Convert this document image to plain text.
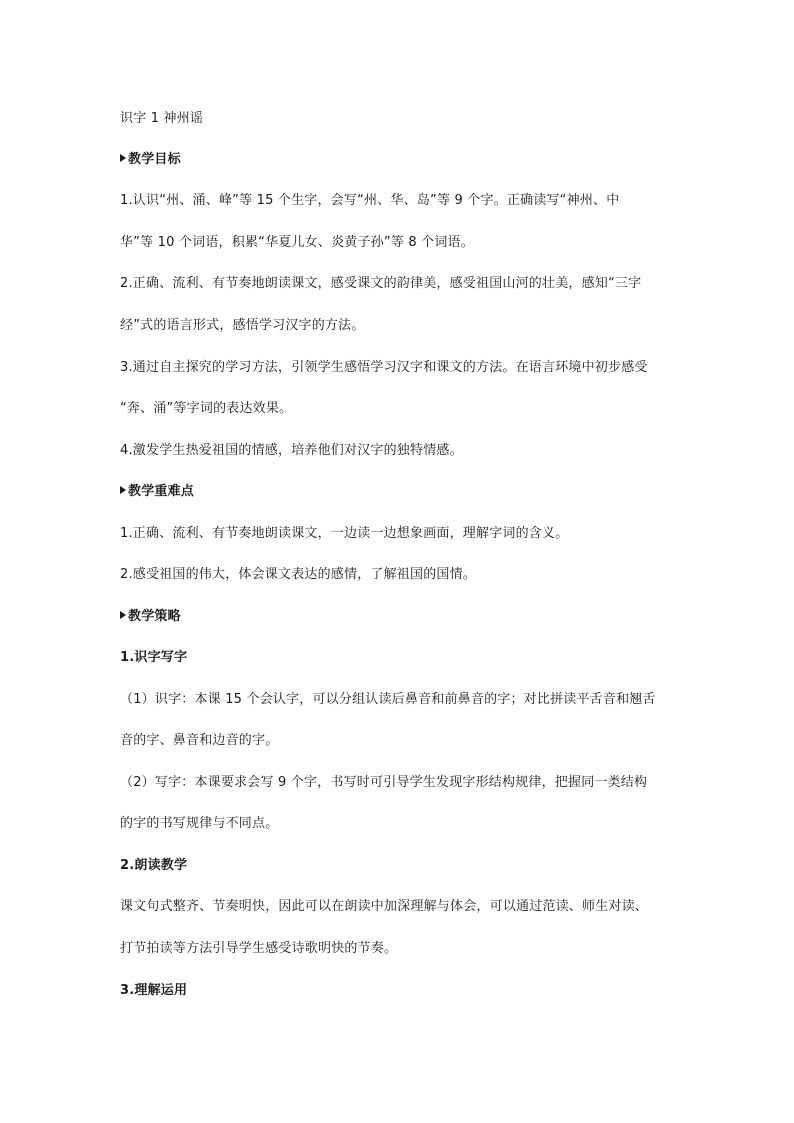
识字 1 神州谣
教学目标
1.认识“州、涌、峰”等 15 个生字，会写“州、华、岛”等 9 个字。正确读写“神州、中
华”等 10 个词语，积累“华夏儿女、炎黄子孙”等 8 个词语。
2.正确、流利、有节奏地朗读课文，感受课文的韵律美，感受祖国山河的壮美，感知“三字
经”式的语言形式，感悟学习汉字的方法。
3.通过自主探究的学习方法，引领学生感悟学习汉字和课文的方法。在语言环境中初步感受
“奔、涌”等字词的表达效果。
4.激发学生热爱祖国的情感，培养他们对汉字的独特情感。
教学重难点
1.正确、流利、有节奏地朗读课文，一边读一边想象画面，理解字词的含义。
2.感受祖国的伟大，体会课文表达的感情，了解祖国的国情。
教学策略
1.识字写字
（1）识字：本课 15 个会认字，可以分组认读后鼻音和前鼻音的字；对比拼读平舌音和翘舌
音的字、鼻音和边音的字。
（2）写字：本课要求会写 9 个字，书写时可引导学生发现字形结构规律，把握同一类结构
的字的书写规律与不同点。
2.朗读教学
课文句式整齐、节奏明快，因此可以在朗读中加深理解与体会，可以通过范读、师生对读、
打节拍读等方法引导学生感受诗歌明快的节奏。
3.理解运用
